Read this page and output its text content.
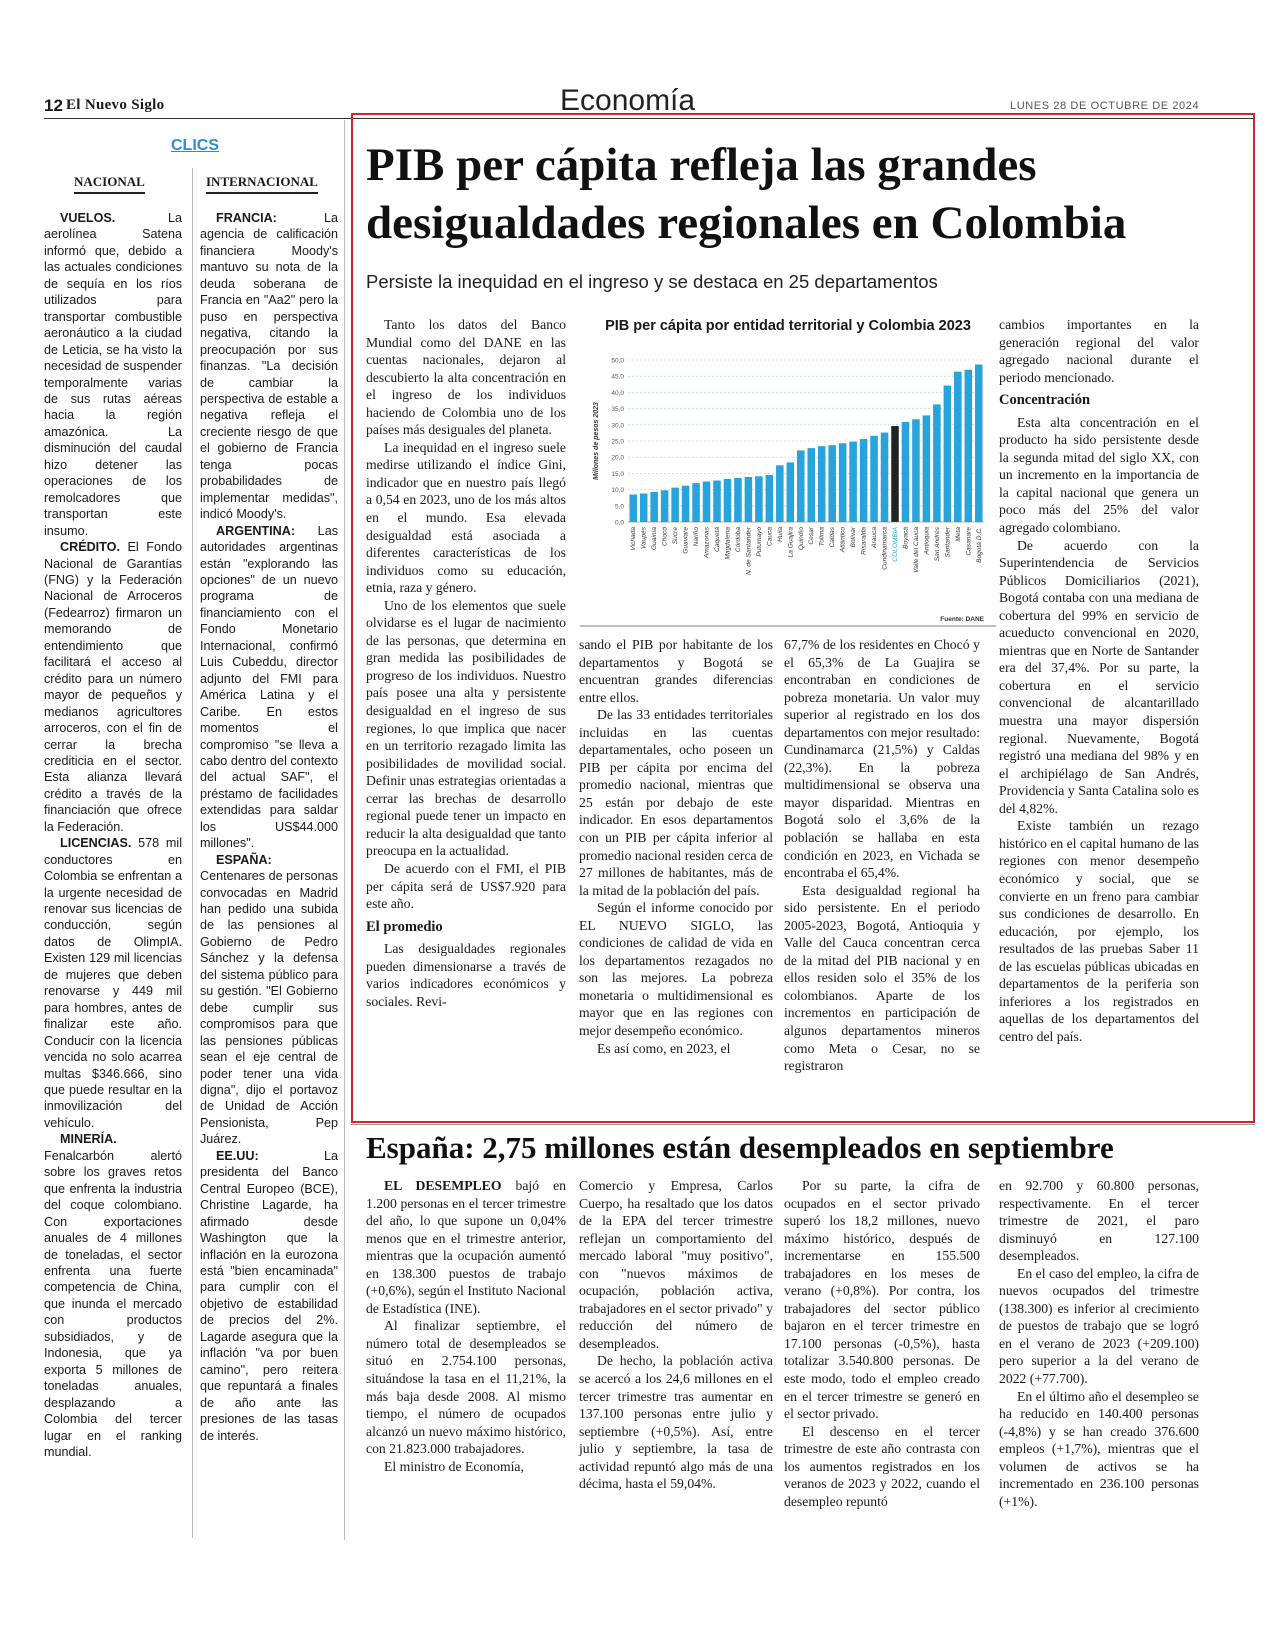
12 El Nuevo Siglo	Economía	LUNES 28 DE OCTUBRE DE 2024
CLICS
NACIONAL	INTERNACIONAL

VUELOS. La aerolínea Satena informó que, debido a las actuales condiciones de sequía en los ríos utilizados para transportar combustible aeronáutico a la ciudad de Leticia, se ha visto la necesidad de suspender temporalmente varias de sus rutas aéreas hacia la región amazónica. La disminución del caudal hizo detener las operaciones de los remolcadores que transportan este insumo.

CRÉDITO. El Fondo Nacional de Garantías (FNG) y la Federación Nacional de Arroceros (Fedearroz) firmaron un memorando de entendimiento que facilitará el acceso al crédito para un número mayor de pequeños y medianos agricultores arroceros, con el fin de cerrar la brecha crediticia en el sector. Esta alianza llevará crédito a través de la financiación que ofrece la Federación.

LICENCIAS. 578 mil conductores en Colombia se enfrentan a la urgente necesidad de renovar sus licencias de conducción, según datos de OlimpIA. Existen 129 mil licencias de mujeres que deben renovarse y 449 mil para hombres, antes de finalizar este año. Conducir con la licencia vencida no solo acarrea multas $346.666, sino que puede resultar en la inmovilización del vehículo.

MINERÍA. Fenalcarbón alertó sobre los graves retos que enfrenta la industria del coque colombiano. Con exportaciones anuales de 4 millones de toneladas, el sector enfrenta una fuerte competencia de China, que inunda el mercado con productos subsidiados, y de Indonesia, que ya exporta 5 millones de toneladas anuales, desplazando a Colombia del tercer lugar en el ranking mundial.

FRANCIA: La agencia de calificación financiera Moody's mantuvo su nota de la deuda soberana de Francia en "Aa2" pero la puso en perspectiva negativa, citando la preocupación por sus finanzas. "La decisión de cambiar la perspectiva de estable a negativa refleja el creciente riesgo de que el gobierno de Francia tenga pocas probabilidades de implementar medidas", indicó Moody's.

ARGENTINA: Las autoridades argentinas están "explorando las opciones" de un nuevo programa de financiamiento con el Fondo Monetario Internacional, confirmó Luis Cubeddu, director adjunto del FMI para América Latina y el Caribe. En estos momentos el compromiso "se lleva a cabo dentro del contexto del actual SAF", el préstamo de facilidades extendidas para saldar los US$44.000 millones".

ESPAÑA: Centenares de personas convocadas en Madrid han pedido una subida de las pensiones al Gobierno de Pedro Sánchez y la defensa del sistema público para su gestión. "El Gobierno debe cumplir sus compromisos para que las pensiones públicas sean el eje central de poder tener una vida digna", dijo el portavoz de Unidad de Acción Pensionista, Pep Juárez.

EE.UU: La presidenta del Banco Central Europeo (BCE), Christine Lagarde, ha afirmado desde Washington que la inflación en la eurozona está "bien encaminada" para cumplir con el objetivo de estabilidad de precios del 2%. Lagarde asegura que la inflación "va por buen camino", pero reitera que repuntará a finales de año ante las presiones de las tasas de interés.

PIB per cápita refleja las grandes desigualdades regionales en Colombia
Persiste la inequidad en el ingreso y se destaca en 25 departamentos

Tanto los datos del Banco Mundial como del DANE en las cuentas nacionales, dejaron al descubierto la alta concentración en el ingreso de los individuos haciendo de Colombia uno de los países más desiguales del planeta.

La inequidad en el ingreso suele medirse utilizando el índice Gini, indicador que en nuestro país llegó a 0,54 en 2023, uno de los más altos en el mundo. Esa elevada desigualdad está asociada a diferentes características de los individuos como su educación, etnia, raza y género.

Uno de los elementos que suele olvidarse es el lugar de nacimiento de las personas, que determina en gran medida las posibilidades de progreso de los individuos. Nuestro país posee una alta y persistente desigualdad en el ingreso de sus regiones, lo que implica que nacer en un territorio rezagado limita las posibilidades de movilidad social. Definir unas estrategias orientadas a cerrar las brechas de desarrollo regional puede tener un impacto en reducir la alta desigualdad que tanto preocupa en la actualidad.

De acuerdo con el FMI, el PIB per cápita será de US$7.920 para este año.

El promedio

Las desigualdades regionales pueden dimensionarse a través de varios indicadores económicos y sociales. Revi-

sando el PIB por habitante de los departamentos y Bogotá se encuentran grandes diferencias entre ellos.

De las 33 entidades territoriales incluidas en las cuentas departamentales, ocho poseen un PIB per cápita por encima del promedio nacional, mientras que 25 están por debajo de este indicador. En esos departamentos con un PIB per cápita inferior al promedio nacional residen cerca de 27 millones de habitantes, más de la mitad de la población del país.

Según el informe conocido por EL NUEVO SIGLO, las condiciones de calidad de vida en los departamentos rezagados no son las mejores. La pobreza monetaria o multidimensional es mayor que en las regiones con mejor desempeño económico.

Es así como, en 2023, el

67,7% de los residentes en Chocó y el 65,3% de La Guajira se encontraban en condiciones de pobreza monetaria. Un valor muy superior al registrado en los dos departamentos con mejor resultado: Cundinamarca (21,5%) y Caldas (22,3%). En la pobreza multidimensional se observa una mayor disparidad. Mientras en Bogotá solo el 3,6% de la población se hallaba en esta condición en 2023, en Vichada se encontraba el 65,4%.

Esta desigualdad regional ha sido persistente. En el periodo 2005-2023, Bogotá, Antioquia y Valle del Cauca concentran cerca de la mitad del PIB nacional y en ellos residen solo el 35% de los colombianos. Aparte de los incrementos en participación de algunos departamentos mineros como Meta o Cesar, no se registraron

cambios importantes en la generación regional del valor agregado nacional durante el periodo mencionado.

Concentración

Esta alta concentración en el producto ha sido persistente desde la segunda mitad del siglo XX, con un incremento en la importancia de la capital nacional que genera un poco más del 25% del valor agregado colombiano.

De acuerdo con la Superintendencia de Servicios Públicos Domiciliarios (2021), Bogotá contaba con una mediana de cobertura del 99% en servicio de acueducto convencional en 2020, mientras que en Norte de Santander era del 37,4%. Por su parte, la cobertura en el servicio convencional de alcantarillado muestra una mayor dispersión regional. Nuevamente, Bogotá registró una mediana del 98% y en el archipiélago de San Andrés, Providencia y Santa Catalina solo es del 4,82%.

Existe también un rezago histórico en el capital humano de las regiones con menor desempeño económico y social, que se convierte en un freno para cambiar sus condiciones de desarrollo. En educación, por ejemplo, los resultados de las pruebas Saber 11 de las escuelas públicas ubicadas en departamentos de la periferia son inferiores a los registrados en aquellas de los departamentos del centro del país.

PIB per cápita por entidad territorial y Colombia 2023
0,0
5,0
10,0
15,0
20,0
25,0
30,0
35,0
40,0
45,0
50,0
Millones de pesos 2023
Vichada Vaupés Guainía Chocó Sucre Guaviare Nariño Amazonas Caquetá Magdalena Córdoba N. de Santander Putumayo Cauca Huila La Guajira Quindío Cesar Tolima Caldas Atlántico Bolívar Risaralda Arauca Cundinamarca COLOMBIA Boyacá Valle del Cauca Antioquia San Andrés Santander Meta Casanare Bogotá D.C.
Fuente: DANE
España: 2,75 millones están desempleados en septiembre

EL DESEMPLEO bajó en 1.200 personas en el tercer trimestre del año, lo que supone un 0,04% menos que en el trimestre anterior, mientras que la ocupación aumentó en 138.300 puestos de trabajo (+0,6%), según el Instituto Nacional de Estadística (INE).

Al finalizar septiembre, el número total de desempleados se situó en 2.754.100 personas, situándose la tasa en el 11,21%, la más baja desde 2008. Al mismo tiempo, el número de ocupados alcanzó un nuevo máximo histórico, con 21.823.000 trabajadores.

El ministro de Economía,

Comercio y Empresa, Carlos Cuerpo, ha resaltado que los datos de la EPA del tercer trimestre reflejan un comportamiento del mercado laboral "muy positivo", con "nuevos máximos de ocupación, población activa, trabajadores en el sector privado" y reducción del número de desempleados.

De hecho, la población activa se acercó a los 24,6 millones en el tercer trimestre tras aumentar en 137.100 personas entre julio y septiembre (+0,5%). Así, entre julio y septiembre, la tasa de actividad repuntó algo más de una décima, hasta el 59,04%.

Por su parte, la cifra de ocupados en el sector privado superó los 18,2 millones, nuevo máximo histórico, después de incrementarse en 155.500 trabajadores en los meses de verano (+0,8%). Por contra, los trabajadores del sector público bajaron en el tercer trimestre en 17.100 personas (-0,5%), hasta totalizar 3.540.800 personas. De este modo, todo el empleo creado en el tercer trimestre se generó en el sector privado.

El descenso en el tercer trimestre de este año contrasta con los aumentos registrados en los veranos de 2023 y 2022, cuando el desempleo repuntó

en 92.700 y 60.800 personas, respectivamente. En el tercer trimestre de 2021, el paro disminuyó en 127.100 desempleados.

En el caso del empleo, la cifra de nuevos ocupados del trimestre (138.300) es inferior al crecimiento de puestos de trabajo que se logró en el verano de 2023 (+209.100) pero superior a la del verano de 2022 (+77.700).

En el último año el desempleo se ha reducido en 140.400 personas (-4,8%) y se han creado 376.600 empleos (+1,7%), mientras que el volumen de activos se ha incrementado en 236.100 personas (+1%).
